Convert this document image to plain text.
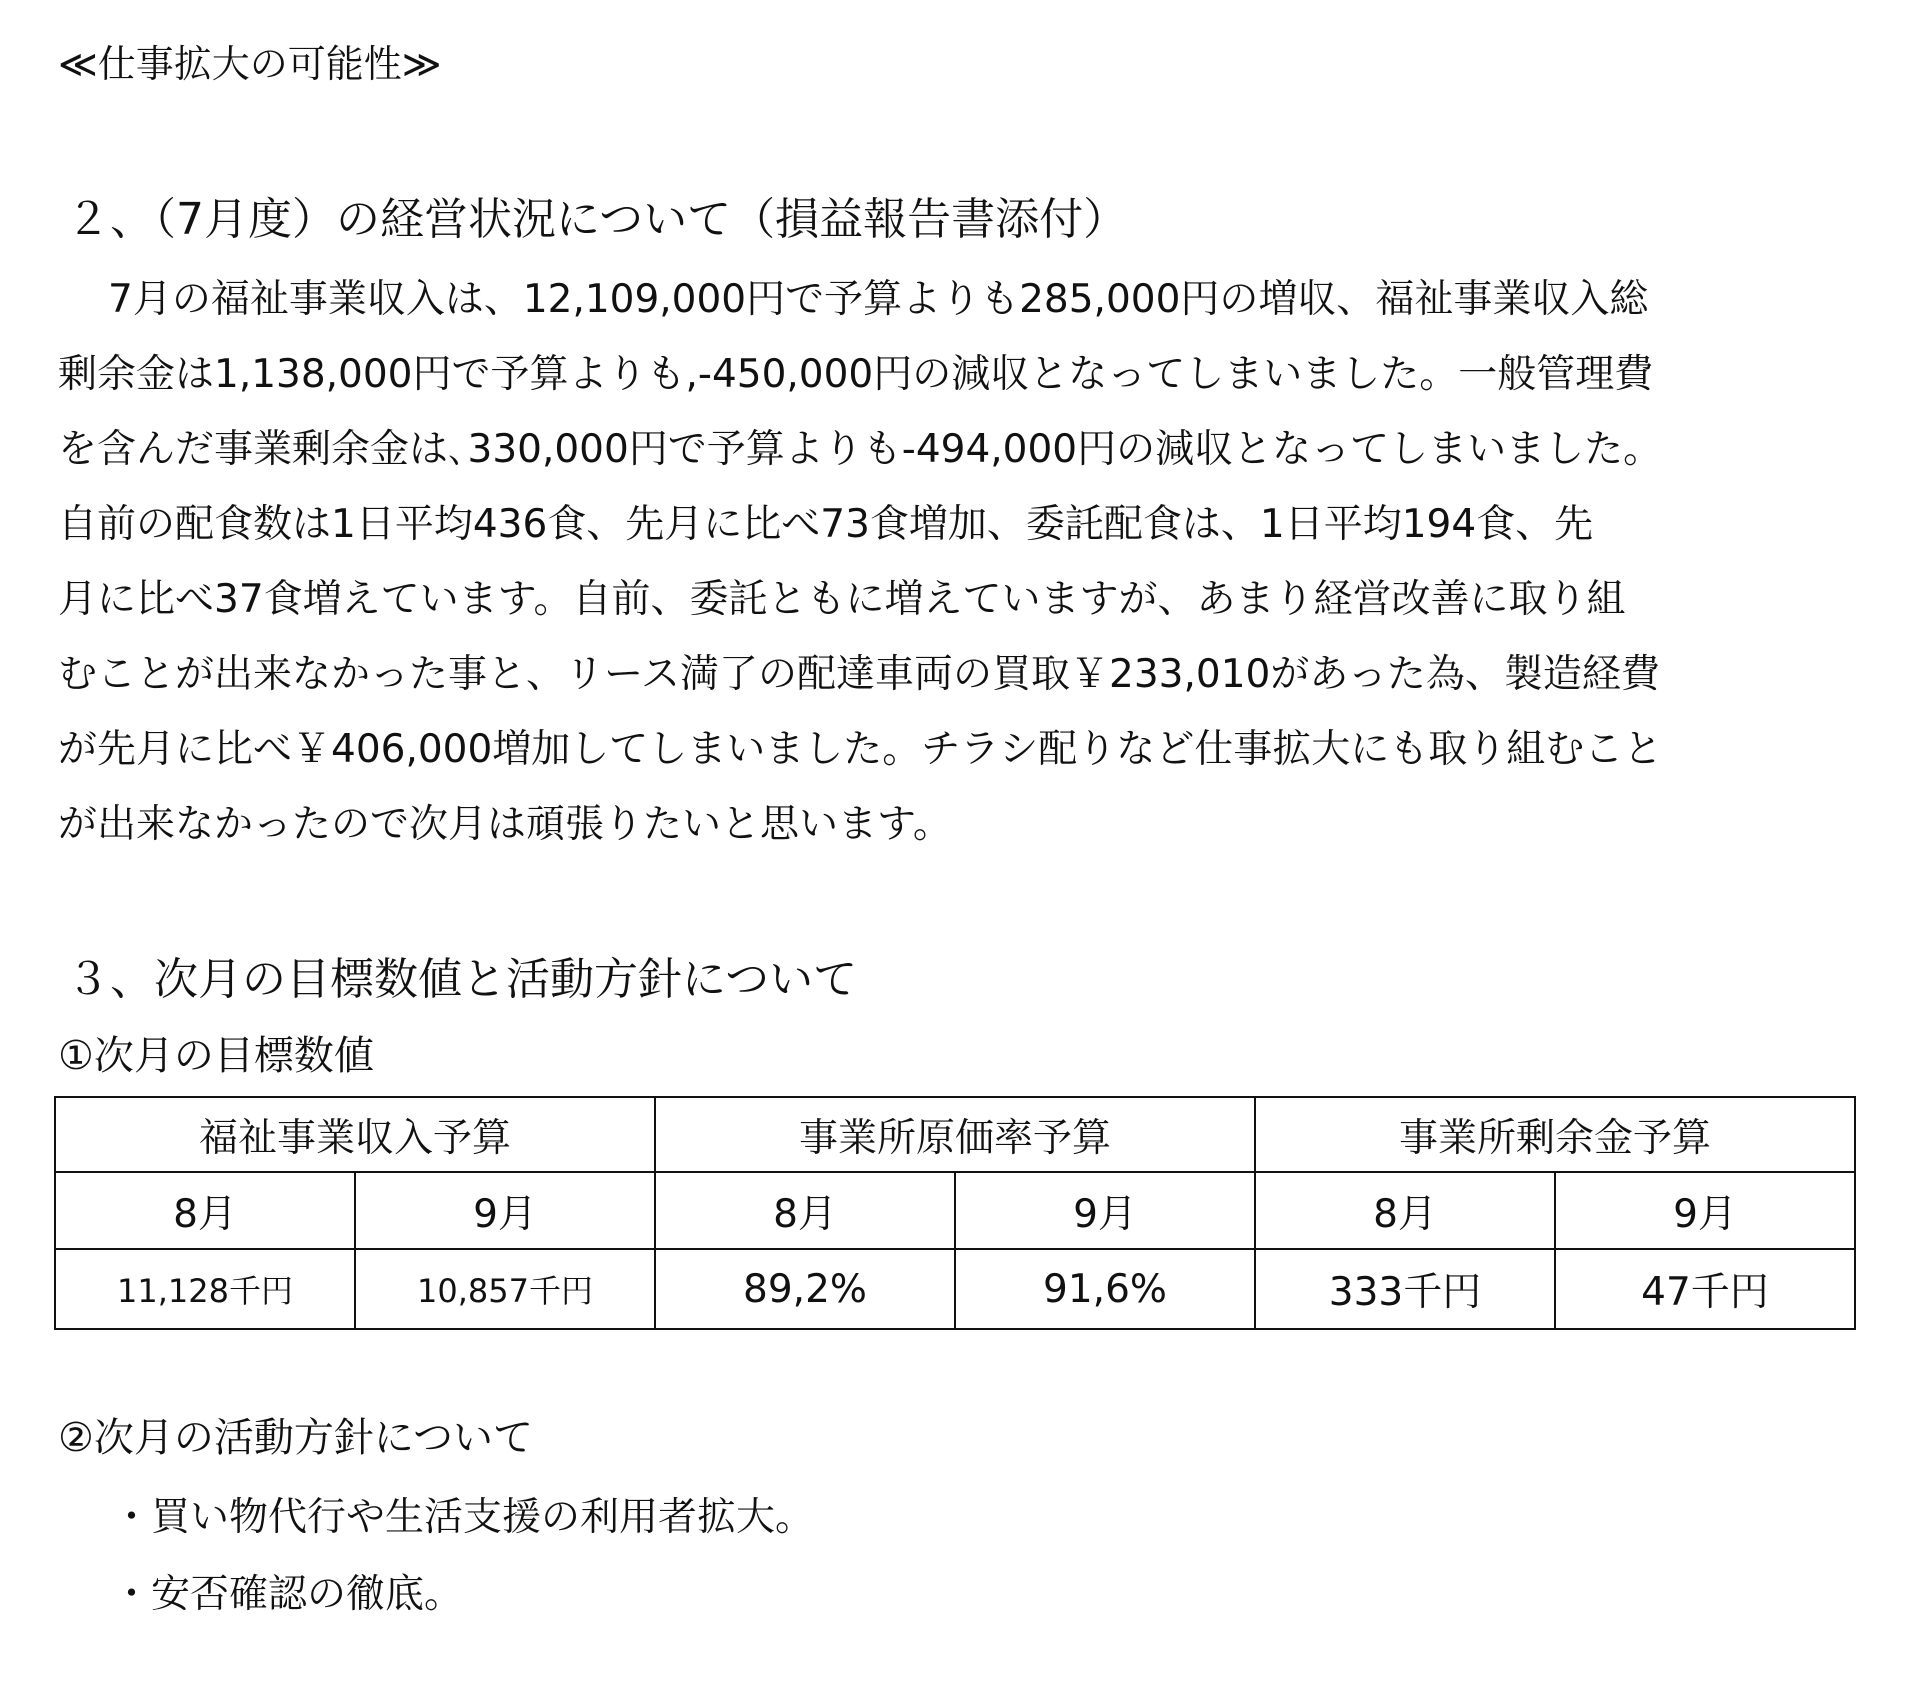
≪仕事拡大の可能性≫
２、（7月度）の経営状況について（損益報告書添付）
7月の福祉事業収入は、12,109,000円で予算よりも285,000円の増収、福祉事業収入総
剰余金は1,138,000円で予算よりも,-450,000円の減収となってしまいました。一般管理費
を含んだ事業剰余金は､330,000円で予算よりも-494,000円の減収となってしまいました。
自前の配食数は1日平均436食、先月に比べ73食増加、委託配食は、1日平均194食、先
月に比べ37食増えています。自前、委託ともに増えていますが、あまり経営改善に取り組
むことが出来なかった事と、リース満了の配達車両の買取￥233,010があった為、製造経費
が先月に比べ￥406,000増加してしまいました。チラシ配りなど仕事拡大にも取り組むこと
が出来なかったので次月は頑張りたいと思います。
３、次月の目標数値と活動方針について
①次月の目標数値
福祉事業収入予算		事業所原価率予算		事業所剰余金予算	
8月	9月	8月	9月	8月	9月
11,128千円	10,857千円	89,2%	91,6%	333千円	47千円
②次月の活動方針について
・買い物代行や生活支援の利用者拡大。
・安否確認の徹底。
